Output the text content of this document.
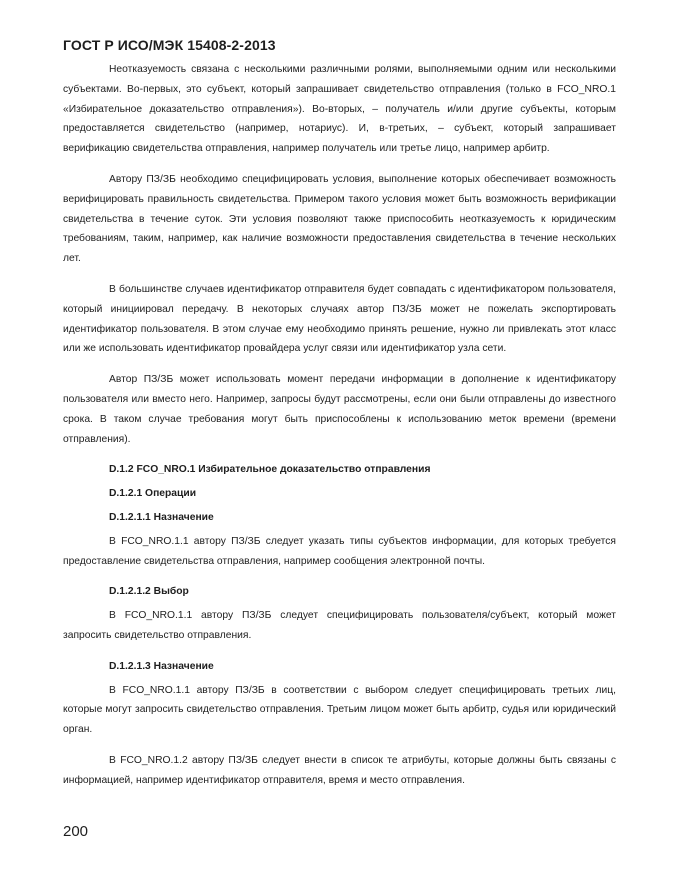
ГОСТ Р ИСО/МЭК 15408-2-2013

Неотказуемость связана с несколькими различными ролями, выполняемыми одним или несколькими субъектами. Во-первых, это субъект, который запрашивает свидетельство отправления (только в FCO_NRO.1 «Избирательное доказательство отправления»). Во-вторых, – получатель и/или другие субъекты, которым предоставляется свидетельство (например, нотариус). И, в-третьих, – субъект, который запрашивает верификацию свидетельства отправления, например получатель или третье лицо, например арбитр.

Автору ПЗ/ЗБ необходимо специфицировать условия, выполнение которых обеспечивает возможность верифицировать правильность свидетельства. Примером такого условия может быть возможность верификации свидетельства в течение суток. Эти условия позволяют также приспособить неотказуемость к юридическим требованиям, таким, например, как наличие возможности предоставления свидетельства в течение нескольких лет.

В большинстве случаев идентификатор отправителя будет совпадать с идентификатором пользователя, который инициировал передачу. В некоторых случаях автор ПЗ/ЗБ может не пожелать экспортировать идентификатор пользователя. В этом случае ему необходимо принять решение, нужно ли привлекать этот класс или же использовать идентификатор провайдера услуг связи или идентификатор узла сети.

Автор ПЗ/ЗБ может использовать момент передачи информации в дополнение к идентификатору пользователя или вместо него. Например, запросы будут рассмотрены, если они были отправлены до известного срока. В таком случае требования могут быть приспособлены к использованию меток времени (времени отправления).

D.1.2 FCO_NRO.1 Избирательное доказательство отправления
D.1.2.1 Операции
D.1.2.1.1 Назначение

В FCO_NRO.1.1 автору ПЗ/ЗБ следует указать типы субъектов информации, для которых требуется предоставление свидетельства отправления, например сообщения электронной почты.

D.1.2.1.2 Выбор

В FCO_NRO.1.1 автору ПЗ/ЗБ следует специфицировать пользователя/субъект, который может запросить свидетельство отправления.

D.1.2.1.3 Назначение

В FCO_NRO.1.1 автору ПЗ/ЗБ в соответствии с выбором следует специфицировать третьих лиц, которые могут запросить свидетельство отправления. Третьим лицом может быть арбитр, судья или юридический орган.

В FCO_NRO.1.2 автору ПЗ/ЗБ следует внести в список те атрибуты, которые должны быть связаны с информацией, например идентификатор отправителя, время и место отправления.

200
